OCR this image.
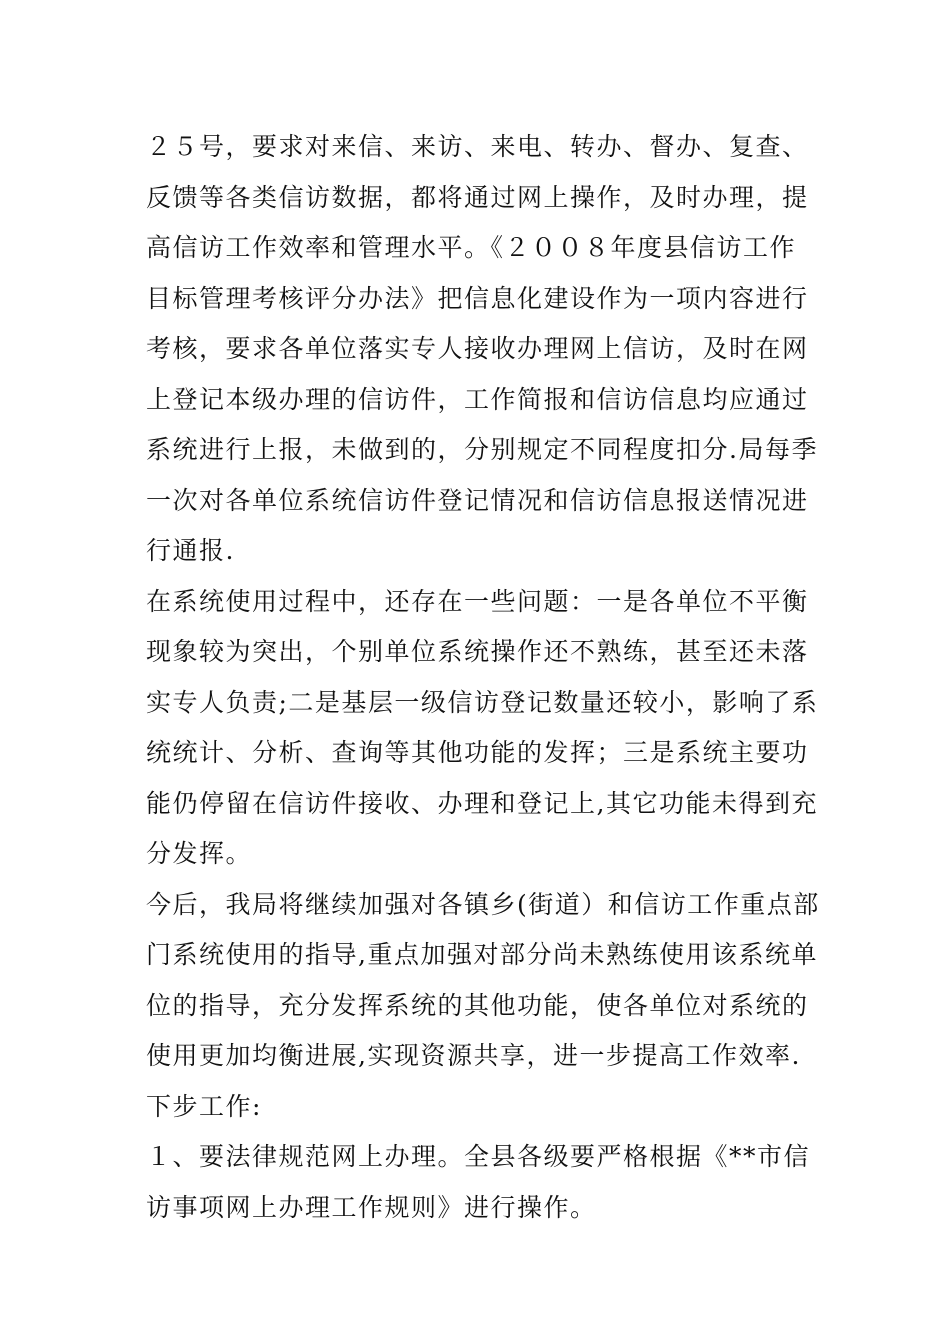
２５号，要求对来信、来访、来电、转办、督办、复查、
反馈等各类信访数据，都将通过网上操作，及时办理，提
高信访工作效率和管理水平。《２００８年度县信访工作
目标管理考核评分办法》把信息化建设作为一项内容进行
考核，要求各单位落实专人接收办理网上信访，及时在网
上登记本级办理的信访件，工作简报和信访信息均应通过
系统进行上报，未做到的，分别规定不同程度扣分.局每季
一次对各单位系统信访件登记情况和信访信息报送情况进
行通报.
在系统使用过程中，还存在一些问题：一是各单位不平衡
现象较为突出，个别单位系统操作还不熟练，甚至还未落
实专人负责;二是基层一级信访登记数量还较小，影响了系
统统计、分析、查询等其他功能的发挥；三是系统主要功
能仍停留在信访件接收、办理和登记上,其它功能未得到充
分发挥。
今后，我局将继续加强对各镇乡(街道）和信访工作重点部
门系统使用的指导,重点加强对部分尚未熟练使用该系统单
位的指导，充分发挥系统的其他功能，使各单位对系统的
使用更加均衡进展,实现资源共享，进一步提高工作效率.
下步工作:
１、要法律规范网上办理。全县各级要严格根据《**市信
访事项网上办理工作规则》进行操作。
